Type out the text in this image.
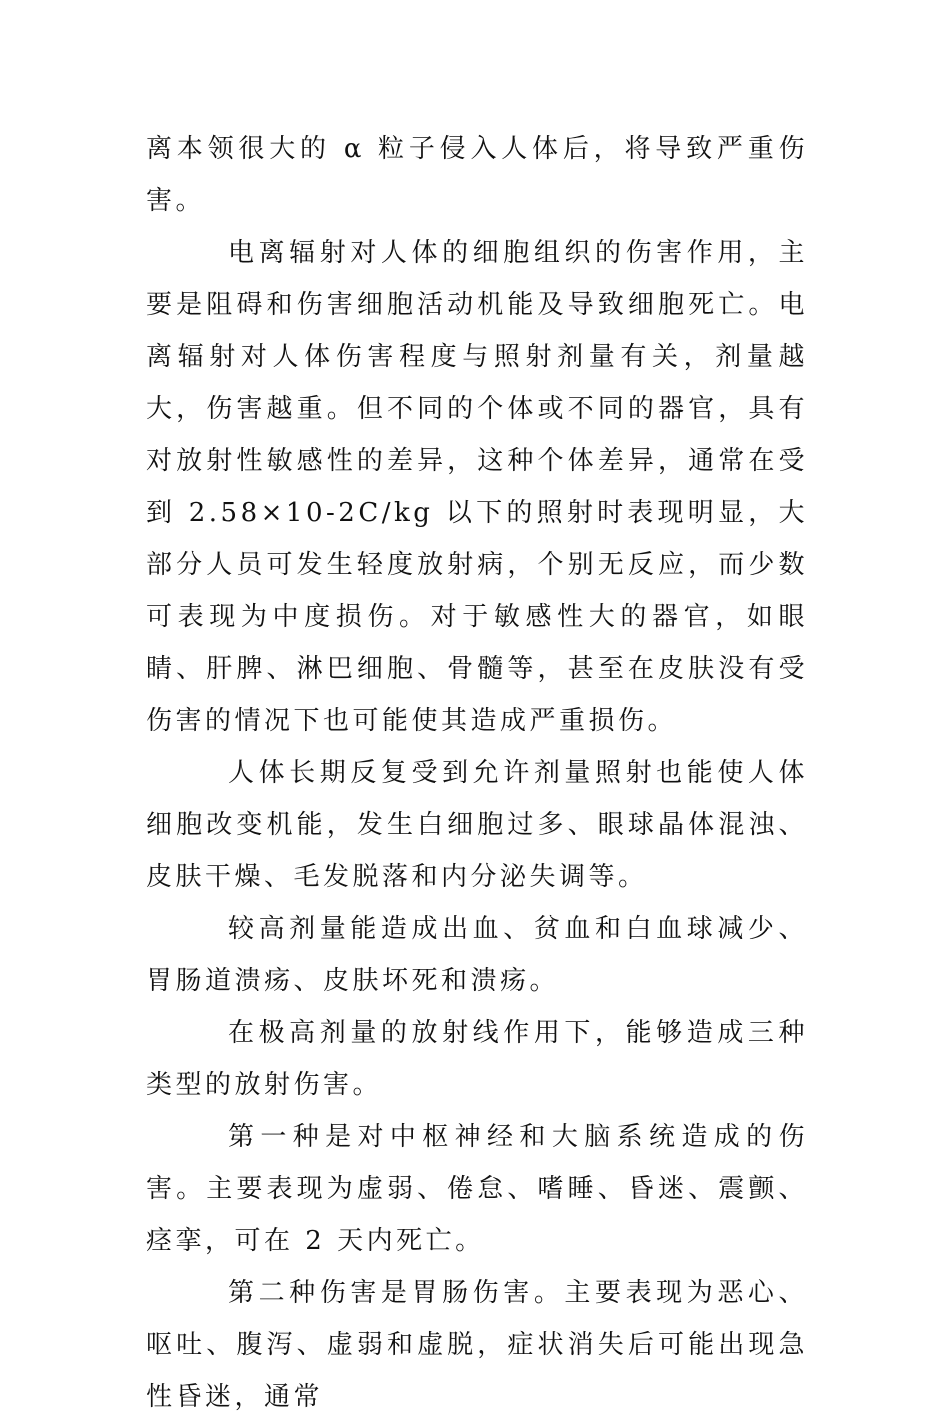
离本领很大的 α 粒子侵入人体后，将导致严重伤害。

电离辐射对人体的细胞组织的伤害作用，主要是阻碍和伤害细胞活动机能及导致细胞死亡。电离辐射对人体伤害程度与照射剂量有关，剂量越大，伤害越重。但不同的个体或不同的器官，具有对放射性敏感性的差异，这种个体差异，通常在受到 2.58×10-2C/kg 以下的照射时表现明显，大部分人员可发生轻度放射病，个别无反应，而少数可表现为中度损伤。对于敏感性大的器官，如眼睛、肝脾、淋巴细胞、骨髓等，甚至在皮肤没有受伤害的情况下也可能使其造成严重损伤。

人体长期反复受到允许剂量照射也能使人体细胞改变机能，发生白细胞过多、眼球晶体混浊、皮肤干燥、毛发脱落和内分泌失调等。

较高剂量能造成出血、贫血和白血球减少、胃肠道溃疡、皮肤坏死和溃疡。

在极高剂量的放射线作用下，能够造成三种类型的放射伤害。

第一种是对中枢神经和大脑系统造成的伤害。主要表现为虚弱、倦怠、嗜睡、昏迷、震颤、痉挛，可在 2 天内死亡。

第二种伤害是胃肠伤害。主要表现为恶心、呕吐、腹泻、虚弱和虚脱，症状消失后可能出现急性昏迷，通常
